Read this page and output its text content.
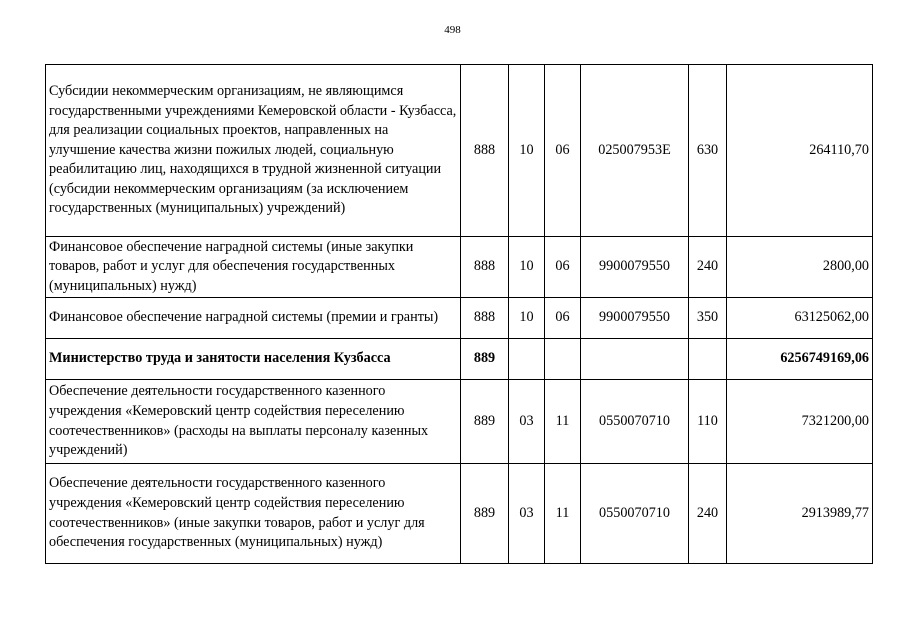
498
Субсидии некоммерческим организациям, не являющимся государственными учреждениями Кемеровской области - Кузбасса, для реализации социальных проектов, направленных на улучшение качества жизни пожилых людей, социальную реабилитацию лиц, находящихся в трудной жизненной ситуации (субсидии некоммерческим организациям (за исключением государственных (муниципальных) учреждений)	888	10	06	025007953Е	630	264110,70
Финансовое обеспечение наградной системы (иные закупки товаров, работ и услуг для обеспечения государственных (муниципальных) нужд)	888	10	06	9900079550	240	2800,00
Финансовое обеспечение наградной системы (премии и гранты)	888	10	06	9900079550	350	63125062,00
Министерство труда и занятости населения Кузбасса	889					6256749169,06
Обеспечение деятельности государственного казенного учреждения «Кемеровский центр содействия переселению соотечественников» (расходы на выплаты персоналу казенных учреждений)	889	03	11	0550070710	110	7321200,00
Обеспечение деятельности государственного казенного учреждения «Кемеровский центр содействия переселению соотечественников» (иные закупки товаров, работ и услуг для обеспечения государственных (муниципальных) нужд)	889	03	11	0550070710	240	2913989,77
